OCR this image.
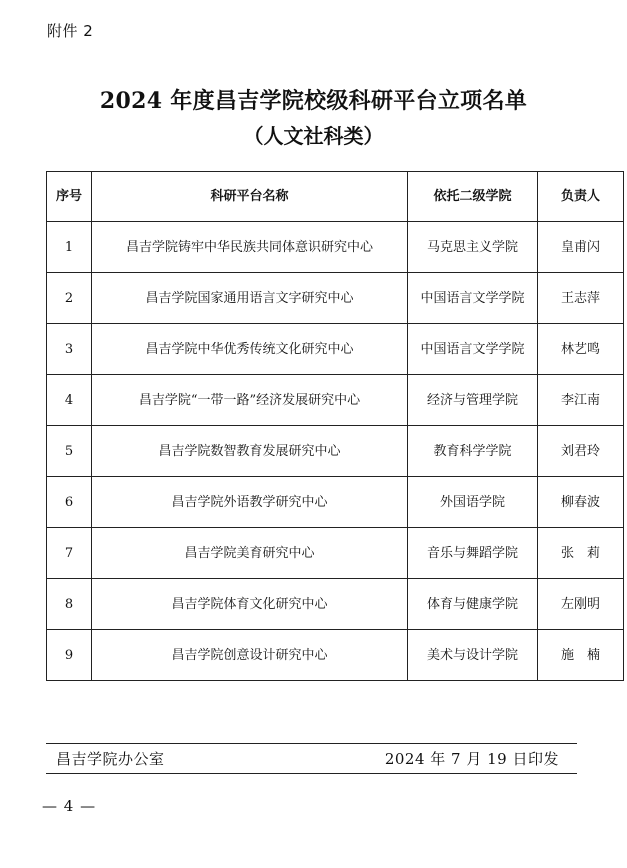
附件 2
2024 年度昌吉学院校级科研平台立项名单
（人文社科类）
序号	科研平台名称	依托二级学院	负责人
1	昌吉学院铸牢中华民族共同体意识研究中心	马克思主义学院	皇甫闪
2	昌吉学院国家通用语言文字研究中心	中国语言文学学院	王志萍
3	昌吉学院中华优秀传统文化研究中心	中国语言文学学院	林艺鸣
4	昌吉学院“一带一路”经济发展研究中心	经济与管理学院	李江南
5	昌吉学院数智教育发展研究中心	教育科学学院	刘君玲
6	昌吉学院外语教学研究中心	外国语学院	柳春波
7	昌吉学院美育研究中心	音乐与舞蹈学院	张　莉
8	昌吉学院体育文化研究中心	体育与健康学院	左刚明
9	昌吉学院创意设计研究中心	美术与设计学院	施　楠
昌吉学院办公室	2024 年 7 月 19 日印发
— 4 —
